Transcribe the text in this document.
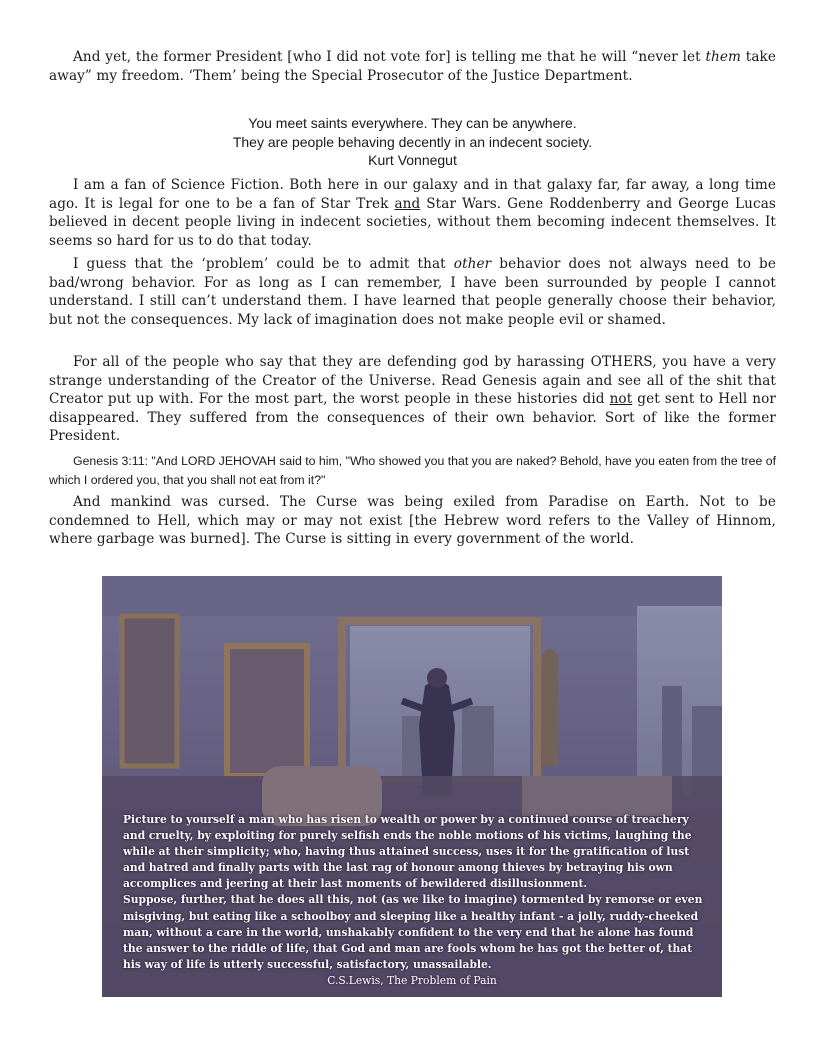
And yet, the former President [who I did not vote for] is telling me that he will “never let them take away” my freedom. ‘Them’ being the Special Prosecutor of the Justice Department.

You meet saints everywhere. They can be anywhere.
They are people behaving decently in an indecent society.
Kurt Vonnegut

I am a fan of Science Fiction. Both here in our galaxy and in that galaxy far, far away, a long time ago. It is legal for one to be a fan of Star Trek and Star Wars. Gene Roddenberry and George Lucas believed in decent people living in indecent societies, without them becoming indecent themselves. It seems so hard for us to do that today.

I guess that the ‘problem’ could be to admit that other behavior does not always need to be bad/wrong behavior. For as long as I can remember, I have been surrounded by people I cannot understand. I still can’t understand them. I have learned that people generally choose their behavior, but not the consequences. My lack of imagination does not make people evil or shamed.

For all of the people who say that they are defending god by harassing OTHERS, you have a very strange understanding of the Creator of the Universe. Read Genesis again and see all of the shit that Creator put up with. For the most part, the worst people in these histories did not get sent to Hell nor disappeared. They suffered from the consequences of their own behavior. Sort of like the former President.

Genesis 3:11: "And LORD JEHOVAH said to him, "Who showed you that you are naked? Behold, have you eaten from the tree of which I ordered you, that you shall not eat from it?"

And mankind was cursed. The Curse was being exiled from Paradise on Earth. Not to be condemned to Hell, which may or may not exist [the Hebrew word refers to the Valley of Hinnom, where garbage was burned]. The Curse is sitting in every government of the world.

Picture to yourself a man who has risen to wealth or power by a continued course of treachery and cruelty, by exploiting for purely selfish ends the noble motions of his victims, laughing the while at their simplicity; who, having thus attained success, uses it for the gratification of lust and hatred and finally parts with the last rag of honour among thieves by betraying his own accomplices and jeering at their last moments of bewildered disillusionment.
Suppose, further, that he does all this, not (as we like to imagine) tormented by remorse or even misgiving, but eating like a schoolboy and sleeping like a healthy infant - a jolly, ruddy-cheeked man, without a care in the world, unshakably confident to the very end that he alone has found the answer to the riddle of life, that God and man are fools whom he has got the better of, that his way of life is utterly successful, satisfactory, unassailable.
C.S.Lewis, The Problem of Pain
